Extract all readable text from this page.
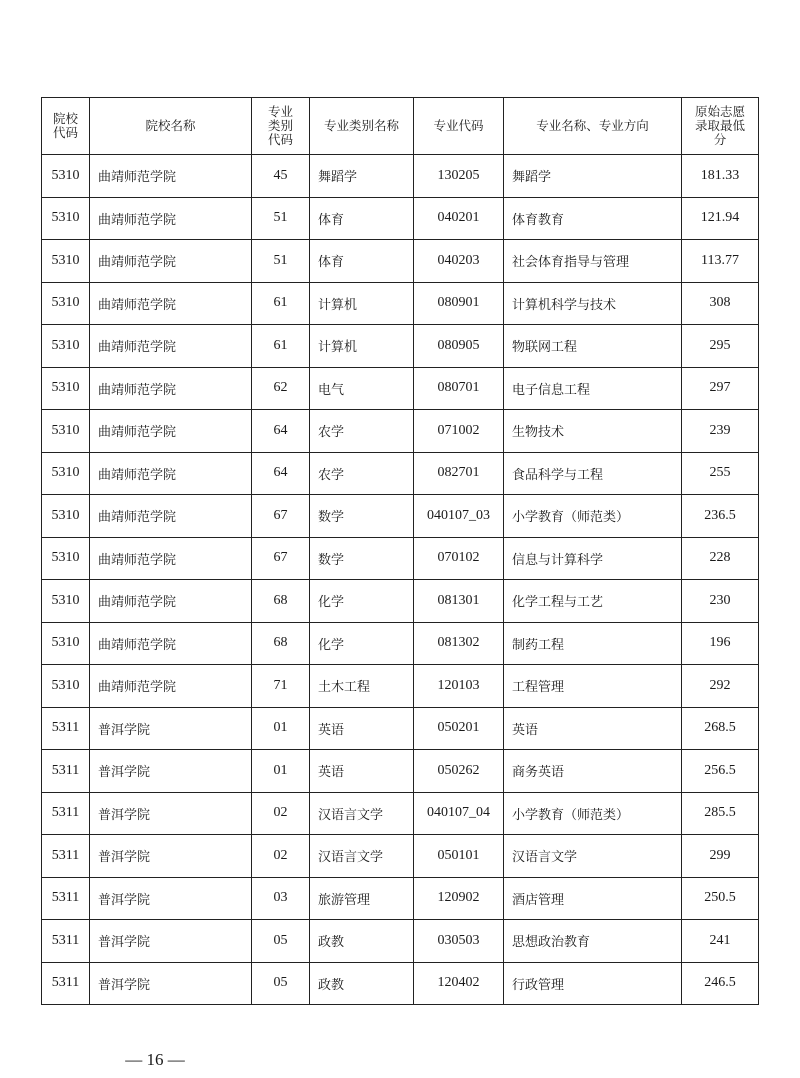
院校代码	院校名称	专业类别代码	专业类别名称	专业代码	专业名称、专业方向	原始志愿录取最低分

5310	曲靖师范学院	45	舞蹈学	130205	舞蹈学	181.33
5310	曲靖师范学院	51	体育	040201	体育教育	121.94
5310	曲靖师范学院	51	体育	040203	社会体育指导与管理	113.77
5310	曲靖师范学院	61	计算机	080901	计算机科学与技术	308
5310	曲靖师范学院	61	计算机	080905	物联网工程	295
5310	曲靖师范学院	62	电气	080701	电子信息工程	297
5310	曲靖师范学院	64	农学	071002	生物技术	239
5310	曲靖师范学院	64	农学	082701	食品科学与工程	255
5310	曲靖师范学院	67	数学	040107_03	小学教育（师范类）	236.5
5310	曲靖师范学院	67	数学	070102	信息与计算科学	228
5310	曲靖师范学院	68	化学	081301	化学工程与工艺	230
5310	曲靖师范学院	68	化学	081302	制药工程	196
5310	曲靖师范学院	71	土木工程	120103	工程管理	292
5311	普洱学院	01	英语	050201	英语	268.5
5311	普洱学院	01	英语	050262	商务英语	256.5
5311	普洱学院	02	汉语言文学	040107_04	小学教育（师范类）	285.5
5311	普洱学院	02	汉语言文学	050101	汉语言文学	299
5311	普洱学院	03	旅游管理	120902	酒店管理	250.5
5311	普洱学院	05	政教	030503	思想政治教育	241
5311	普洱学院	05	政教	120402	行政管理	246.5
— 16 —
